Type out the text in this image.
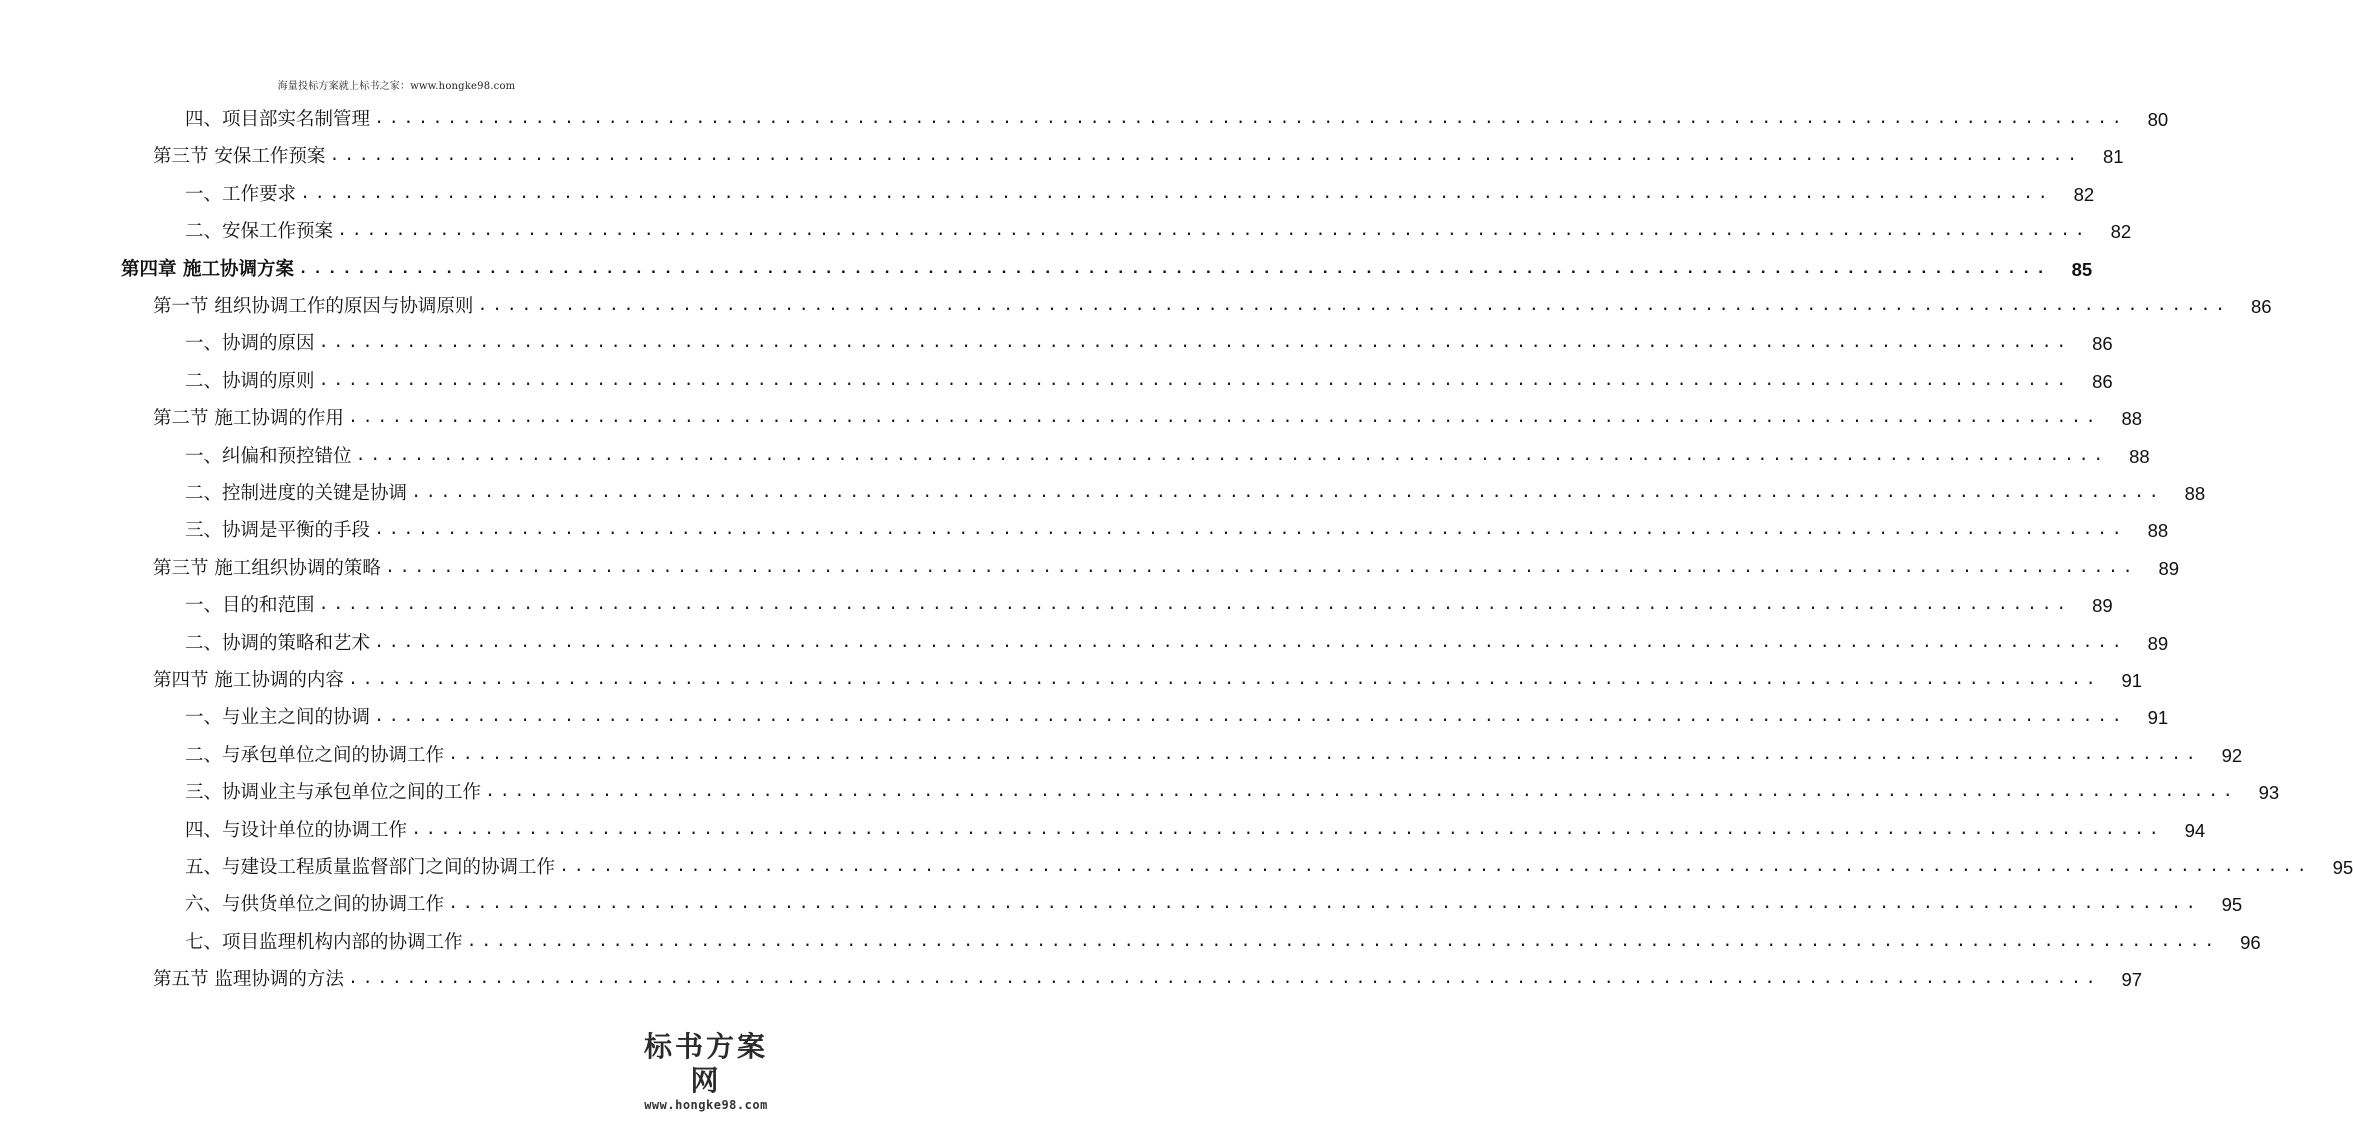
海量投标方案就上标书之家：www.hongke98.com
四、项目部实名制管理 ........................................................................................................................	80
第三节 安保工作预案 ........................................................................................................................	81
一、工作要求 ........................................................................................................................	82
二、安保工作预案 ........................................................................................................................	82
第四章 施工协调方案 ........................................................................................................................	85
第一节 组织协调工作的原因与协调原则 ........................................................................................................................	86
一、协调的原因 ........................................................................................................................	86
二、协调的原则 ........................................................................................................................	86
第二节 施工协调的作用 ........................................................................................................................	88
一、纠偏和预控错位 ........................................................................................................................	88
二、控制进度的关键是协调 ........................................................................................................................	88
三、协调是平衡的手段 ........................................................................................................................	88
第三节 施工组织协调的策略 ........................................................................................................................	89
一、目的和范围 ........................................................................................................................	89
二、协调的策略和艺术 ........................................................................................................................	89
第四节 施工协调的内容 ........................................................................................................................	91
一、与业主之间的协调 ........................................................................................................................	91
二、与承包单位之间的协调工作 ........................................................................................................................	92
三、协调业主与承包单位之间的工作 ........................................................................................................................	93
四、与设计单位的协调工作 ........................................................................................................................	94
五、与建设工程质量监督部门之间的协调工作 ........................................................................................................................	95
六、与供货单位之间的协调工作 ........................................................................................................................	95
七、项目监理机构内部的协调工作 ........................................................................................................................	96
第五节 监理协调的方法 ........................................................................................................................	97
标书方案网
www.hongke98.com
